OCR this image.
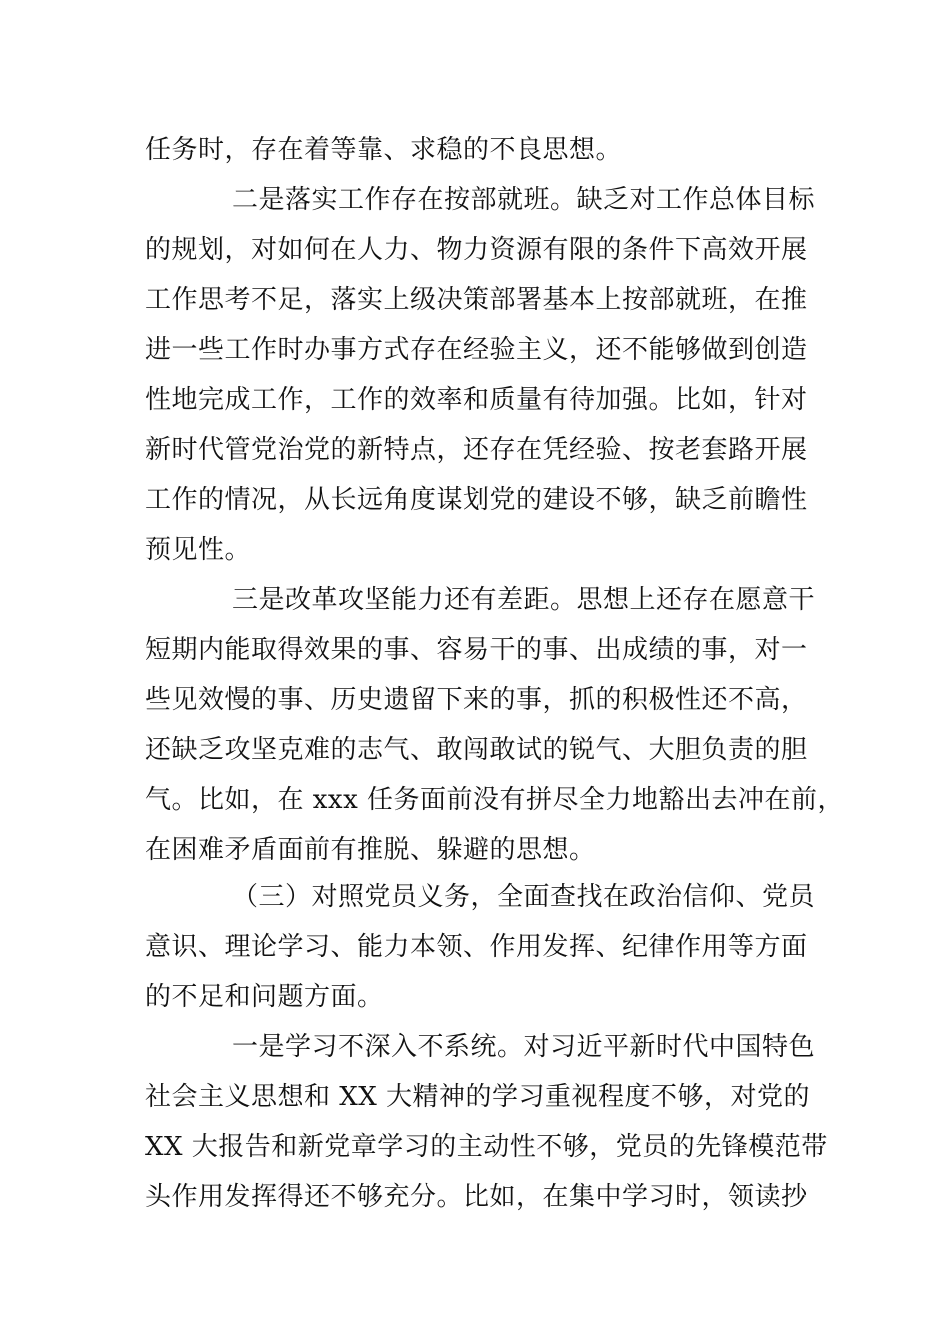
任务时，存在着等靠、求稳的不良思想。
二是落实工作存在按部就班。缺乏对工作总体目标
的规划，对如何在人力、物力资源有限的条件下高效开展
工作思考不足，落实上级决策部署基本上按部就班，在推
进一些工作时办事方式存在经验主义，还不能够做到创造
性地完成工作，工作的效率和质量有待加强。比如，针对
新时代管党治党的新特点，还存在凭经验、按老套路开展
工作的情况，从长远角度谋划党的建设不够，缺乏前瞻性
预见性。
三是改革攻坚能力还有差距。思想上还存在愿意干
短期内能取得效果的事、容易干的事、出成绩的事，对一
些见效慢的事、历史遗留下来的事，抓的积极性还不高，
还缺乏攻坚克难的志气、敢闯敢试的锐气、大胆负责的胆
气。比如，在 xxx 任务面前没有拼尽全力地豁出去冲在前，
在困难矛盾面前有推脱、躲避的思想。
（三）对照党员义务，全面查找在政治信仰、党员
意识、理论学习、能力本领、作用发挥、纪律作用等方面
的不足和问题方面。
一是学习不深入不系统。对习近平新时代中国特色
社会主义思想和 XX 大精神的学习重视程度不够，对党的
XX 大报告和新党章学习的主动性不够，党员的先锋模范带
头作用发挥得还不够充分。比如，在集中学习时，领读抄
